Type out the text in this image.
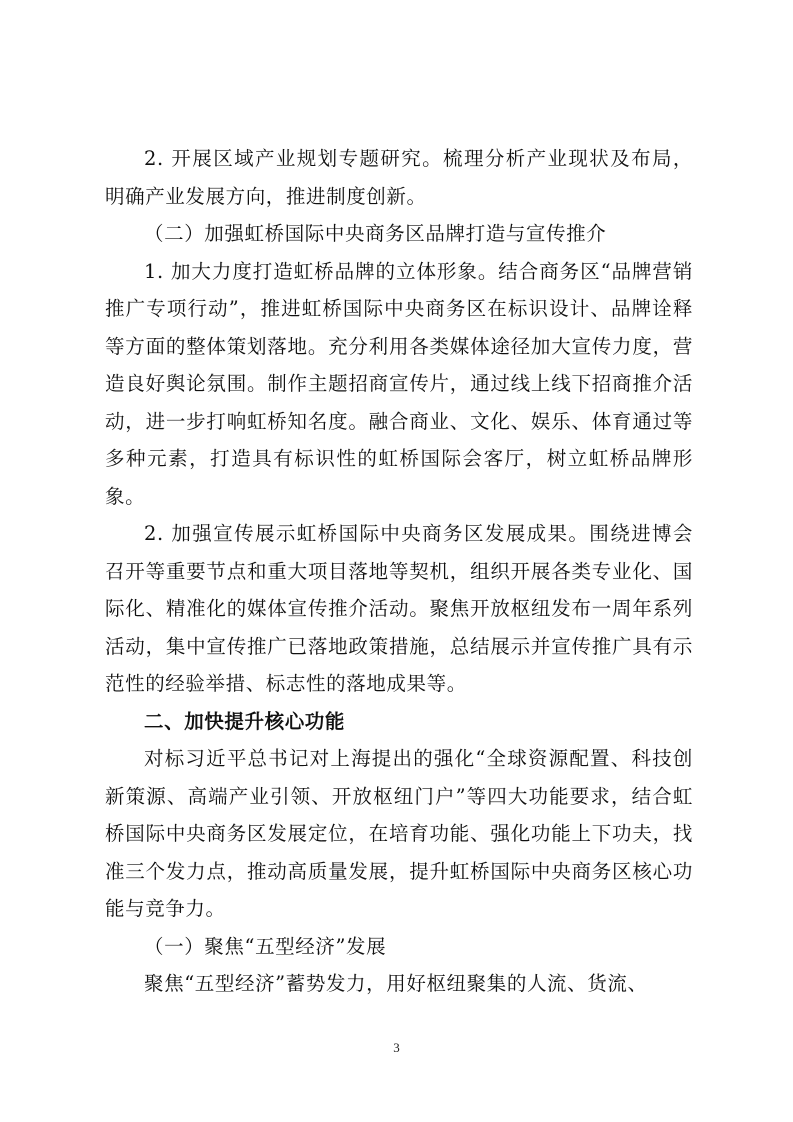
2. 开展区域产业规划专题研究。梳理分析产业现状及布局，明确产业发展方向，推进制度创新。

（二）加强虹桥国际中央商务区品牌打造与宣传推介

1. 加大力度打造虹桥品牌的立体形象。结合商务区“品牌营销推广专项行动”，推进虹桥国际中央商务区在标识设计、品牌诠释等方面的整体策划落地。充分利用各类媒体途径加大宣传力度，营造良好舆论氛围。制作主题招商宣传片，通过线上线下招商推介活动，进一步打响虹桥知名度。融合商业、文化、娱乐、体育通过等多种元素，打造具有标识性的虹桥国际会客厅，树立虹桥品牌形象。

2. 加强宣传展示虹桥国际中央商务区发展成果。围绕进博会召开等重要节点和重大项目落地等契机，组织开展各类专业化、国际化、精准化的媒体宣传推介活动。聚焦开放枢纽发布一周年系列活动，集中宣传推广已落地政策措施，总结展示并宣传推广具有示范性的经验举措、标志性的落地成果等。

二、加快提升核心功能

对标习近平总书记对上海提出的强化“全球资源配置、科技创新策源、高端产业引领、开放枢纽门户”等四大功能要求，结合虹桥国际中央商务区发展定位，在培育功能、强化功能上下功夫，找准三个发力点，推动高质量发展，提升虹桥国际中央商务区核心功能与竞争力。

（一）聚焦“五型经济”发展

聚焦“五型经济”蓄势发力，用好枢纽聚集的人流、货流、

3
